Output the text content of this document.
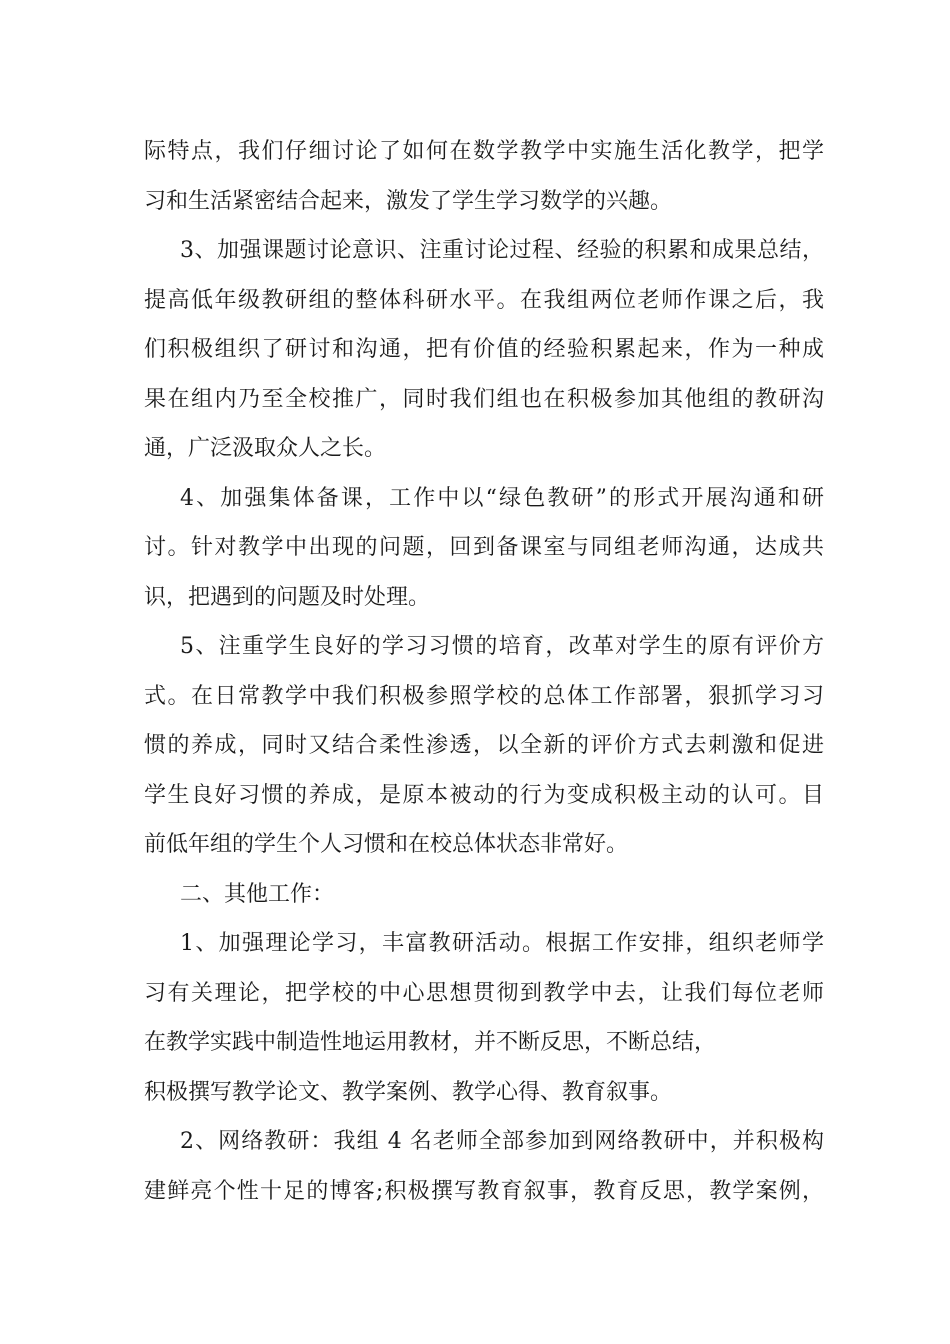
际特点，我们仔细讨论了如何在数学教学中实施生活化教学，把学
习和生活紧密结合起来，激发了学生学习数学的兴趣。
3、加强课题讨论意识、注重讨论过程、经验的积累和成果总结，
提高低年级教研组的整体科研水平。在我组两位老师作课之后，我
们积极组织了研讨和沟通，把有价值的经验积累起来，作为一种成
果在组内乃至全校推广，同时我们组也在积极参加其他组的教研沟
通，广泛汲取众人之长。
4、加强集体备课，工作中以“绿色教研”的形式开展沟通和研
讨。针对教学中出现的问题，回到备课室与同组老师沟通，达成共
识，把遇到的问题及时处理。
5、注重学生良好的学习习惯的培育，改革对学生的原有评价方
式。在日常教学中我们积极参照学校的总体工作部署，狠抓学习习
惯的养成，同时又结合柔性渗透，以全新的评价方式去刺激和促进
学生良好习惯的养成，是原本被动的行为变成积极主动的认可。目
前低年组的学生个人习惯和在校总体状态非常好。
二、其他工作：
1、加强理论学习，丰富教研活动。根据工作安排，组织老师学
习有关理论，把学校的中心思想贯彻到教学中去，让我们每位老师
在教学实践中制造性地运用教材，并不断反思，不断总结，
积极撰写教学论文、教学案例、教学心得、教育叙事。
2、网络教研：我组 4 名老师全部参加到网络教研中，并积极构
建鲜亮个性十足的博客;积极撰写教育叙事，教育反思，教学案例，
